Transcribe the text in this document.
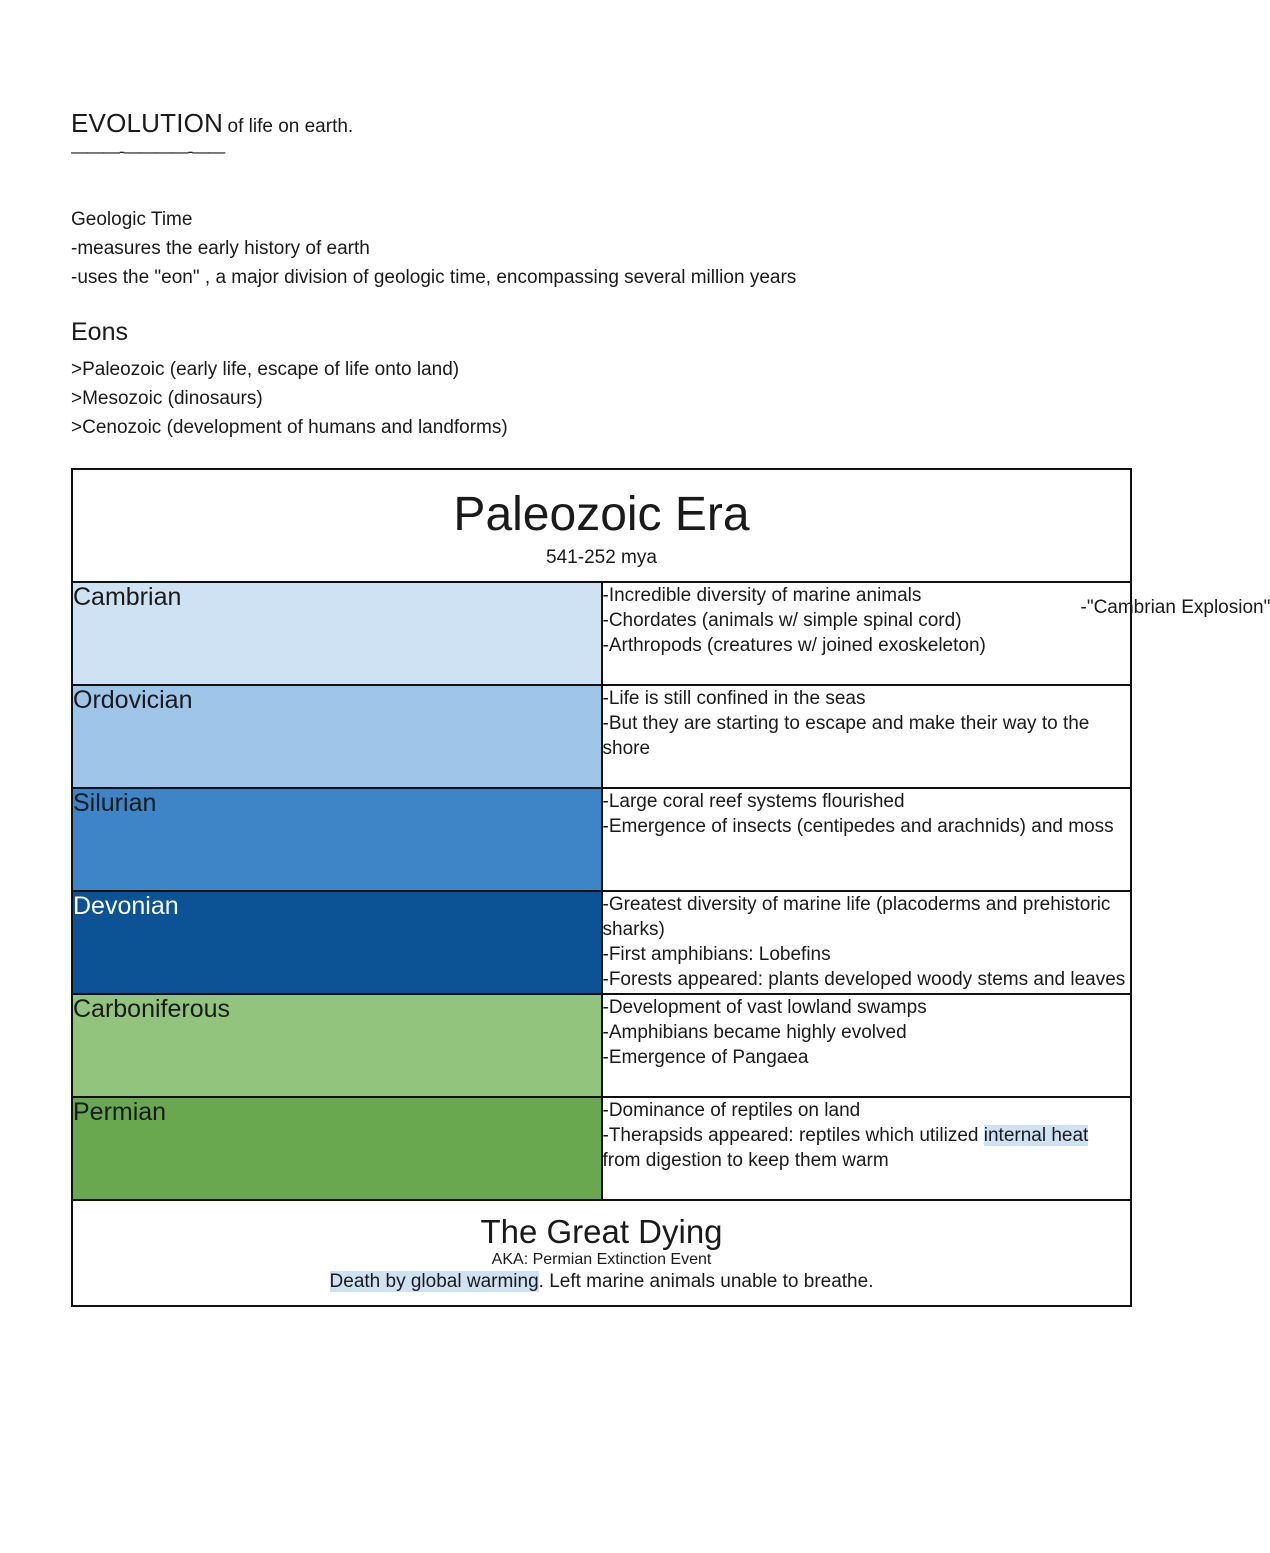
EVOLUTION of life on earth.
———-————-——
Geologic Time
-measures the early history of earth
-uses the "eon" , a major division of geologic time, encompassing several million years
Eons
>Paleozoic (early life, escape of life onto land)
>Mesozoic (dinosaurs)
>Cenozoic (development of humans and landforms)
Paleozoic Era
541-252 mya	

Cambrian	-Incredible diversity of marine animals
-Chordates (animals w/ simple spinal cord)
-Arthropods (creatures w/ joined exoskeleton)
-"Cambrian Explosion"

Ordovician	-Life is still confined in the seas
-But they are starting to escape and make their way to the shore

Silurian	-Large coral reef systems flourished
-Emergence of insects (centipedes and arachnids) and moss

Devonian	-Greatest diversity of marine life (placoderms and prehistoric sharks)
-First amphibians: Lobefins
-Forests appeared: plants developed woody stems and leaves

Carboniferous	-Development of vast lowland swamps
-Amphibians became highly evolved
-Emergence of Pangaea

Permian	-Dominance of reptiles on land
-Therapsids appeared: reptiles which utilized internal heat from digestion to keep them warm

The Great Dying
AKA: Permian Extinction Event
Death by global warming. Left marine animals unable to breathe.	
